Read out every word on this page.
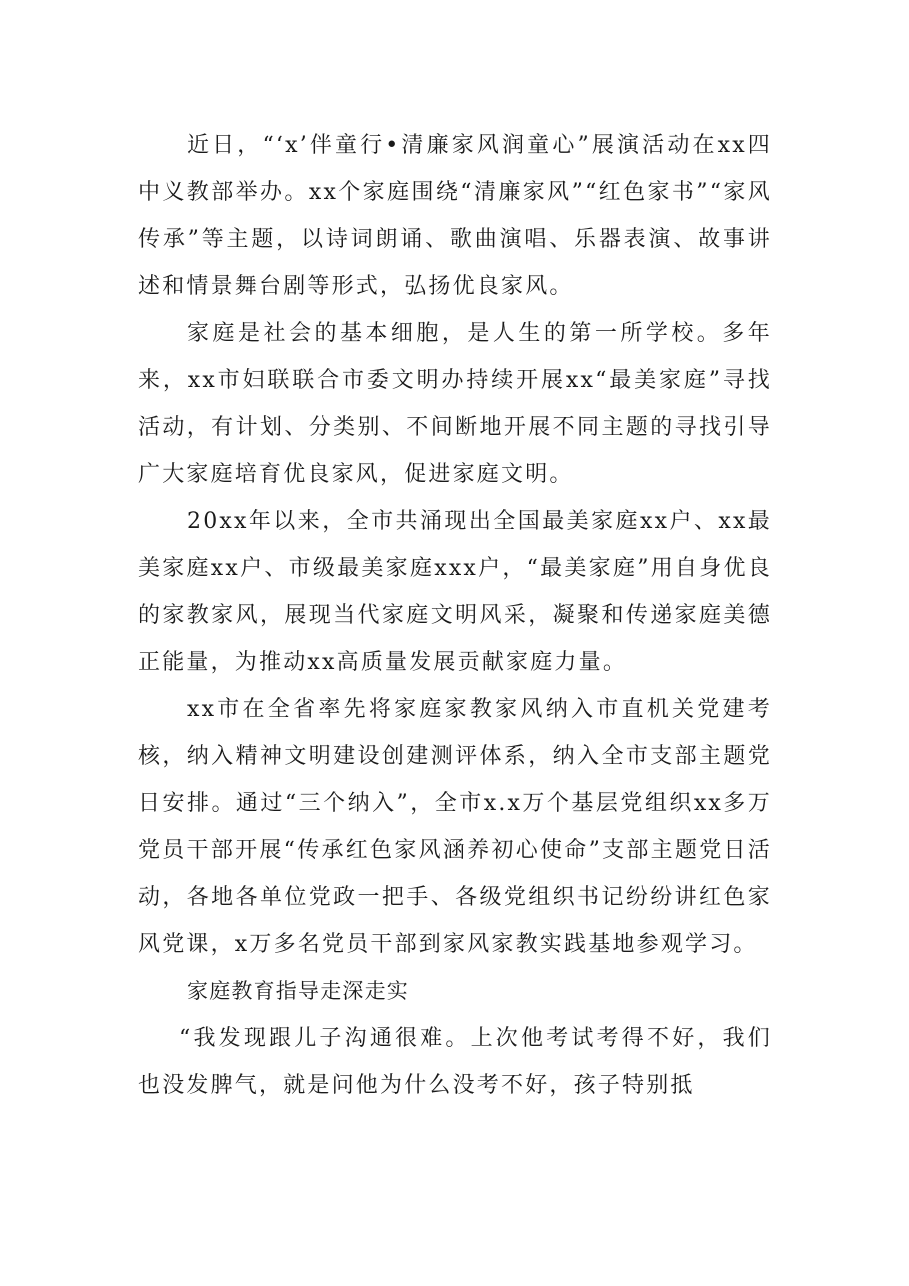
近日，“‘x’伴童行•清廉家风润童心”展演活动在xx四中义教部举办。xx个家庭围绕“清廉家风”“红色家书”“家风传承”等主题，以诗词朗诵、歌曲演唱、乐器表演、故事讲述和情景舞台剧等形式，弘扬优良家风。

家庭是社会的基本细胞，是人生的第一所学校。多年来，xx市妇联联合市委文明办持续开展xx“最美家庭”寻找活动，有计划、分类别、不间断地开展不同主题的寻找引导广大家庭培育优良家风，促进家庭文明。

20xx年以来，全市共涌现出全国最美家庭xx户、xx最美家庭xx户、市级最美家庭xxx户，“最美家庭”用自身优良的家教家风，展现当代家庭文明风采，凝聚和传递家庭美德正能量，为推动xx高质量发展贡献家庭力量。

xx市在全省率先将家庭家教家风纳入市直机关党建考核，纳入精神文明建设创建测评体系，纳入全市支部主题党日安排。通过“三个纳入”，全市x.x万个基层党组织xx多万党员干部开展“传承红色家风涵养初心使命”支部主题党日活动，各地各单位党政一把手、各级党组织书记纷纷讲红色家风党课，x万多名党员干部到家风家教实践基地参观学习。

家庭教育指导走深走实

“我发现跟儿子沟通很难。上次他考试考得不好，我们也没发脾气，就是问他为什么没考不好，孩子特别抵
